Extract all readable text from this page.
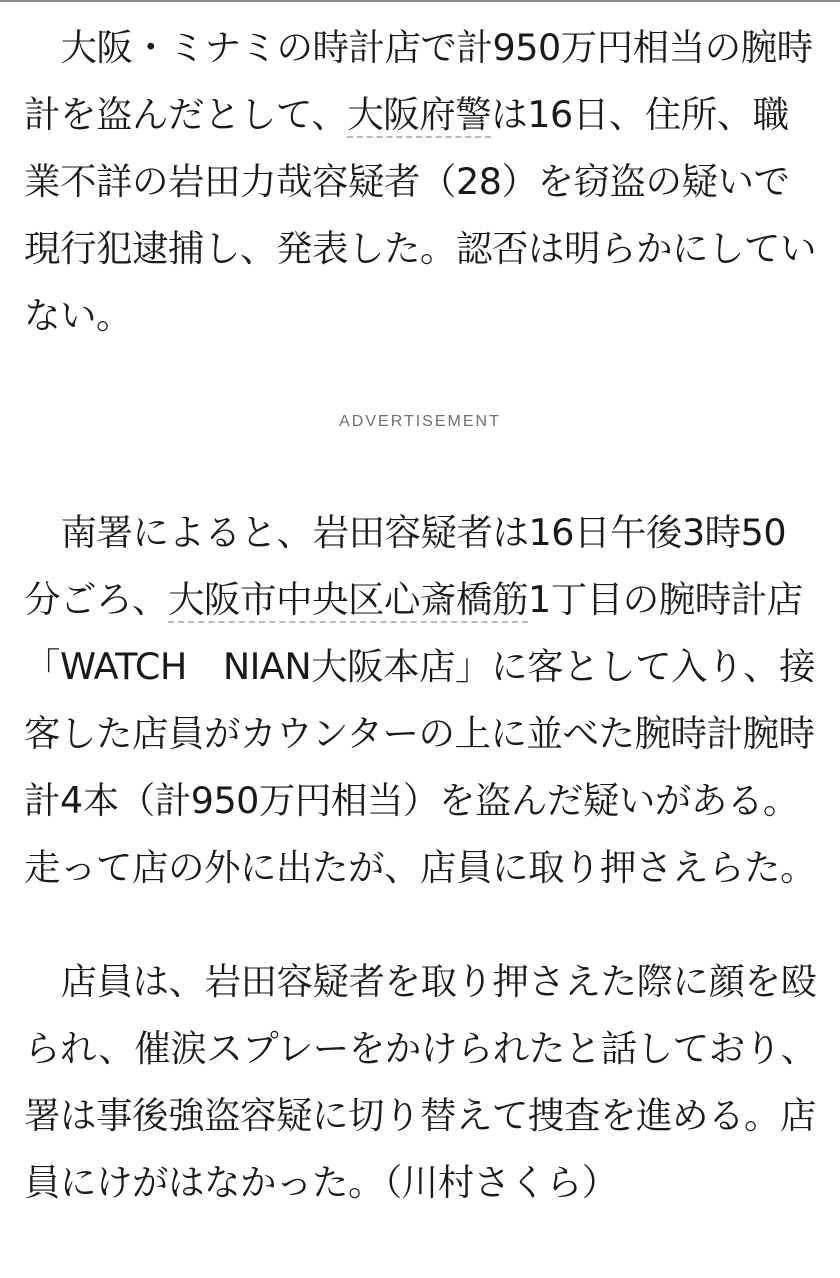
大阪・ミナミの時計店で計950万円相当の腕時計を盗んだとして、大阪府警は16日、住所、職業不詳の岩田力哉容疑者（28）を窃盗の疑いで現行犯逮捕し、発表した。認否は明らかにしていない。

ADVERTISEMENT

南署によると、岩田容疑者は16日午後3時50分ごろ、大阪市中央区心斎橋筋1丁目の腕時計店「WATCH　NIAN大阪本店」に客として入り、接客した店員がカウンターの上に並べた腕時計腕時計4本（計950万円相当）を盗んだ疑いがある。走って店の外に出たが、店員に取り押さえらた。

店員は、岩田容疑者を取り押さえた際に顔を殴られ、催涙スプレーをかけられたと話しており、署は事後強盗容疑に切り替えて捜査を進める。店員にけがはなかった。（川村さくら）
